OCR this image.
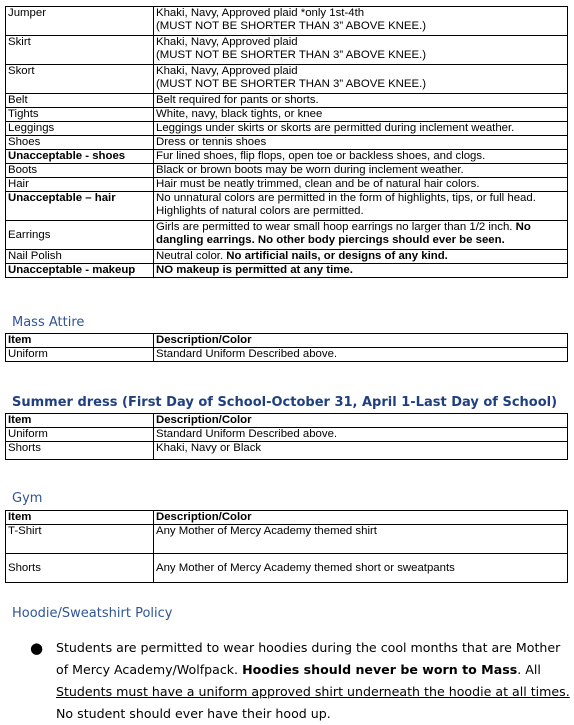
Jumper	Khaki, Navy, Approved plaid *only 1st-4th
(MUST NOT BE SHORTER THAN 3” ABOVE KNEE.)

Skirt	Khaki, Navy, Approved plaid
(MUST NOT BE SHORTER THAN 3” ABOVE KNEE.)

Skort	Khaki, Navy, Approved plaid
(MUST NOT BE SHORTER THAN 3” ABOVE KNEE.)

Belt	Belt required for pants or shorts.
Tights	White, navy, black tights, or knee
Leggings	Leggings under skirts or skorts are permitted during inclement weather.
Shoes	Dress or tennis shoes
Unacceptable - shoes	Fur lined shoes, flip flops, open toe or backless shoes, and clogs.
Boots	Black or brown boots may be worn during inclement weather.
Hair	Hair must be neatly trimmed, clean and be of natural hair colors.
Unacceptable – hair	No unnatural colors are permitted in the form of highlights, tips, or full head.
Highlights of natural colors are permitted.

Earrings	Girls are permitted to wear small hoop earrings no larger than 1/2 inch. No dangling earrings. No other body piercings should ever be seen.
Nail Polish	Neutral color. No artificial nails, or designs of any kind.
Unacceptable - makeup	NO makeup is permitted at any time.
Mass Attire
Item	Description/Color
Uniform	Standard Uniform Described above.
Summer dress (First Day of School-October 31, April 1-Last Day of School)
Item	Description/Color
Uniform	Standard Uniform Described above.
Shorts	Khaki, Navy or Black
Gym
Item	Description/Color
T-Shirt	Any Mother of Mercy Academy themed shirt
Shorts	Any Mother of Mercy Academy themed short or sweatpants
Hoodie/Sweatshirt Policy
● Students are permitted to wear hoodies during the cool months that are Mother of Mercy Academy/Wolfpack. Hoodies should never be worn to Mass. All Students must have a uniform approved shirt underneath the hoodie at all times. No student should ever have their hood up.
